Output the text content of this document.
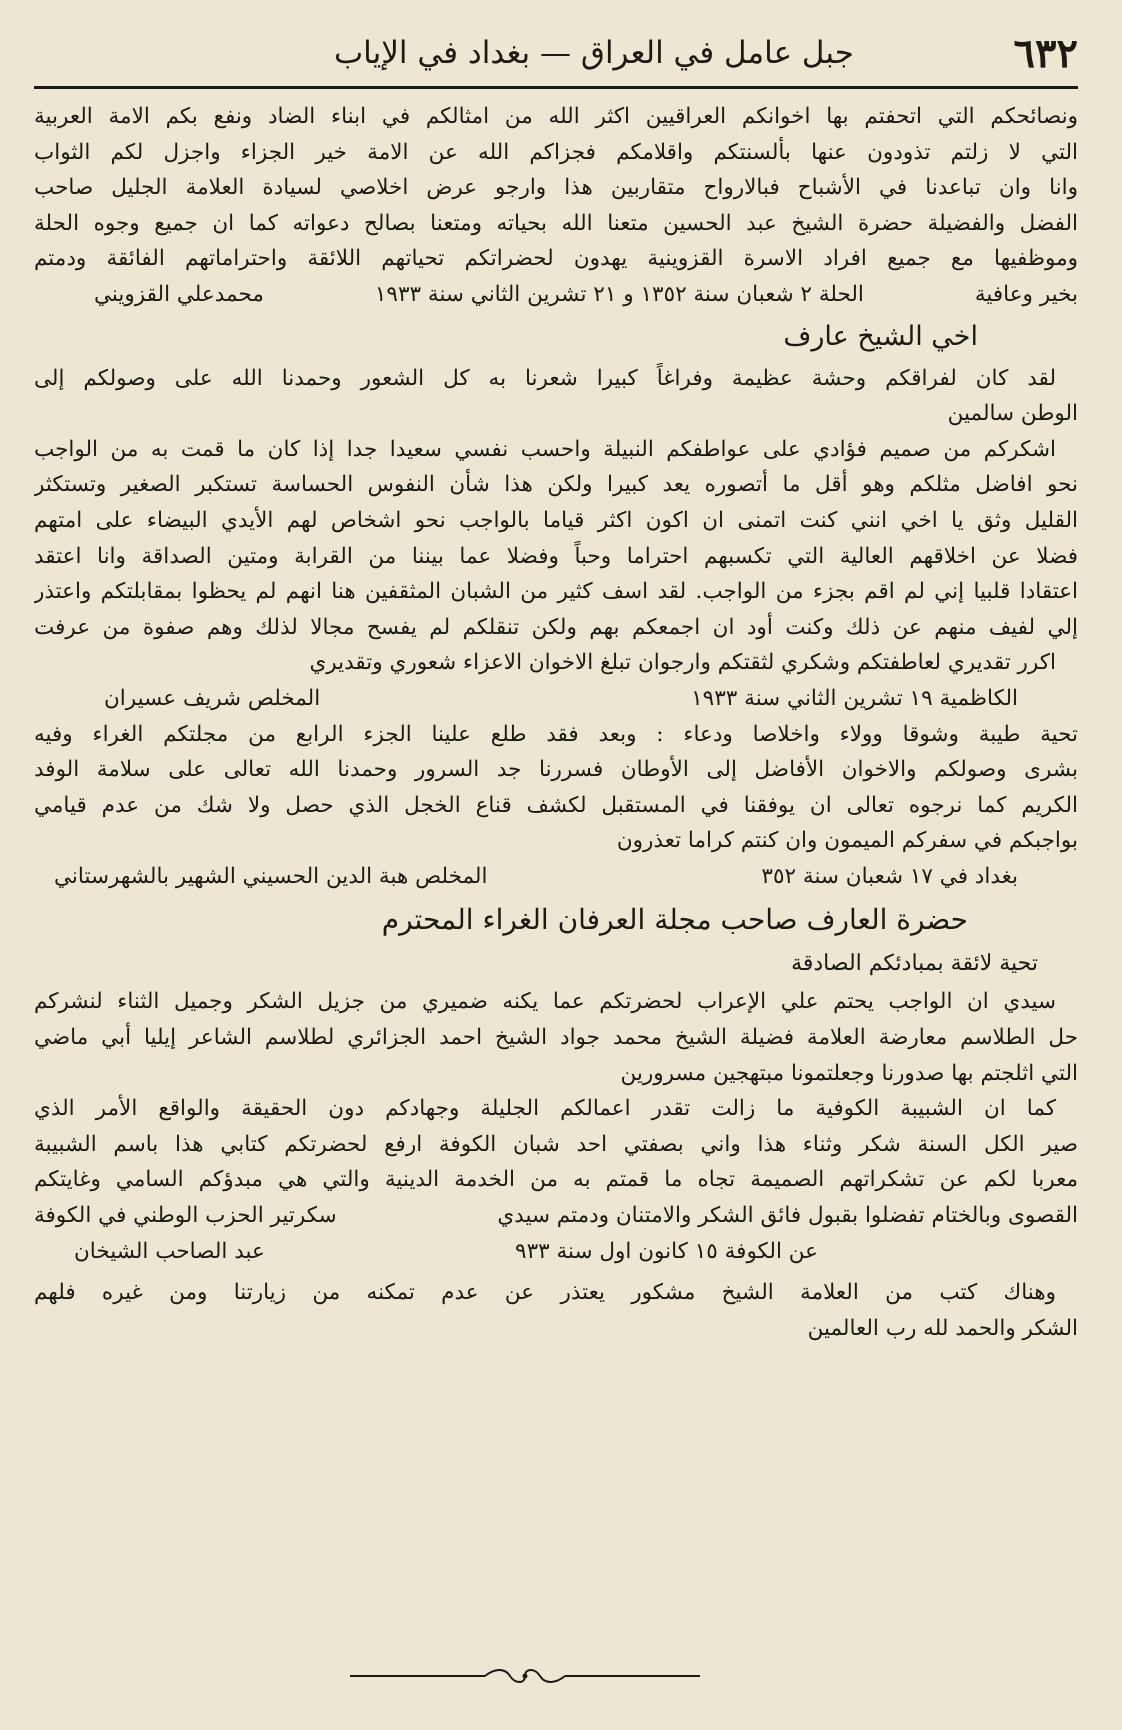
٦٣٢
جبل عامل في العراق — بغداد في الإياب
ونصائحكم التي اتحفتم بها اخوانكم العراقيين اكثر الله من امثالكم في ابناء الضاد ونفع بكم الامة العربية
التي لا زلتم تذودون عنها بألسنتكم واقلامكم فجزاكم الله عن الامة خير الجزاء واجزل لكم الثواب
وانا وان تباعدنا في الأشباح فبالارواح متقاربين هذا وارجو عرض اخلاصي لسيادة العلامة الجليل صاحب
الفضل والفضيلة حضرة الشيخ عبد الحسين متعنا الله بحياته ومتعنا بصالح دعواته كما ان جميع وجوه الحلة
وموظفيها مع جميع افراد الاسرة القزوينية يهدون لحضراتكم تحياتهم اللائقة واحتراماتهم الفائقة ودمتم
بخير وعافية
الحلة ٢ شعبان سنة ١٣٥٢ و ٢١ تشرين الثاني سنة ١٩٣٣
محمدعلي القزويني
اخي الشيخ عارف
لقد كان لفراقكم وحشة عظيمة وفراغاً كبيرا شعرنا به كل الشعور وحمدنا الله على وصولكم إلى
الوطن سالمين
اشكركم من صميم فؤادي على عواطفكم النبيلة واحسب نفسي سعيدا جدا إذا كان ما قمت به من الواجب
نحو افاضل مثلكم وهو أقل ما أتصوره يعد كبيرا ولكن هذا شأن النفوس الحساسة تستكبر الصغير وتستكثر
القليل وثق يا اخي انني كنت اتمنى ان اكون اكثر قياما بالواجب نحو اشخاص لهم الأيدي البيضاء على امتهم
فضلا عن اخلاقهم العالية التي تكسبهم احتراما وحباً وفضلا عما بيننا من القرابة ومتين الصداقة وانا اعتقد
اعتقادا قلبيا إني لم اقم بجزء من الواجب. لقد اسف كثير من الشبان المثقفين هنا انهم لم يحظوا بمقابلتكم واعتذر
إلي لفيف منهم عن ذلك وكنت أود ان اجمعكم بهم ولكن تنقلكم لم يفسح مجالا لذلك وهم صفوة من عرفت
اكرر تقديري لعاطفتكم وشكري لثقتكم وارجوان تبلغ الاخوان الاعزاء شعوري وتقديري
الكاظمية ١٩ تشرين الثاني سنة ١٩٣٣
المخلص شريف عسيران
تحية طيبة وشوقا وولاء واخلاصا ودعاء : وبعد فقد طلع علينا الجزء الرابع من مجلتكم الغراء وفيه
بشرى وصولكم والاخوان الأفاضل إلى الأوطان فسررنا جد السرور وحمدنا الله تعالى على سلامة الوفد
الكريم كما نرجوه تعالى ان يوفقنا في المستقبل لكشف قناع الخجل الذي حصل ولا شك من عدم قيامي
بواجبكم في سفركم الميمون وان كنتم كراما تعذرون
بغداد في ١٧ شعبان سنة ٣٥٢
المخلص هبة الدين الحسيني الشهير بالشهرستاني
حضرة العارف صاحب مجلة العرفان الغراء المحترم
تحية لائقة بمبادئكم الصادقة
سيدي ان الواجب يحتم علي الإعراب لحضرتكم عما يكنه ضميري من جزيل الشكر وجميل الثناء لنشركم
حل الطلاسم معارضة العلامة فضيلة الشيخ محمد جواد الشيخ احمد الجزائري لطلاسم الشاعر إيليا أبي ماضي
التي اثلجتم بها صدورنا وجعلتمونا مبتهجين مسرورين
كما ان الشبيبة الكوفية ما زالت تقدر اعمالكم الجليلة وجهادكم دون الحقيقة والواقع الأمر الذي
صير الكل السنة شكر وثناء هذا واني بصفتي احد شبان الكوفة ارفع لحضرتكم كتابي هذا باسم الشبيبة
معربا لكم عن تشكراتهم الصميمة تجاه ما قمتم به من الخدمة الدينية والتي هي مبدؤكم السامي وغايتكم
القصوى وبالختام تفضلوا بقبول فائق الشكر والامتنان ودمتم سيدي
سكرتير الحزب الوطني في الكوفة
عن الكوفة ١٥ كانون اول سنة ٩٣٣
عبد الصاحب الشيخان
وهناك كتب من العلامة الشيخ مشكور يعتذر عن عدم تمكنه من زيارتنا ومن غيره فلهم
الشكر والحمد لله رب العالمين
